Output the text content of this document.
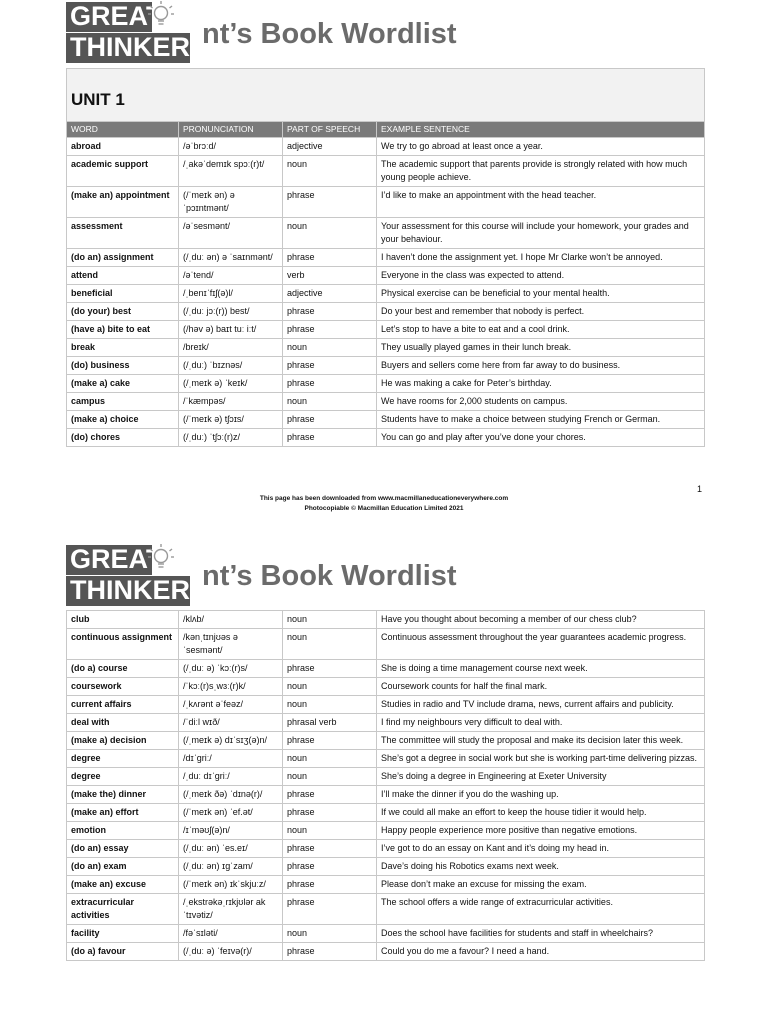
GREAT
THINKERS
nt’s Book Wordlist
UNIT 1			
WORD	PRONUNCIATION	PART OF SPEECH	EXAMPLE SENTENCE
abroad	/əˈbrɔːd/	adjective	We try to go abroad at least once a year.
academic support	/ˌakəˈdemɪk spɔː(r)t/	noun	The academic support that parents provide is strongly related with how much young people achieve.
(make an) appointment	(/ˈmeɪk ən) ə ˈpɔɪntmənt/	phrase	I’d like to make an appointment with the head teacher.
assessment	/əˈsesmənt/	noun	Your assessment for this course will include your homework, your grades and your behaviour.
(do an) assignment	(/ˌduː ən) ə ˈsaɪnmənt/	phrase	I haven’t done the assignment yet. I hope Mr Clarke won’t be annoyed.
attend	/əˈtend/	verb	Everyone in the class was expected to attend.
beneficial	/ˌbenɪˈfɪʃ(ə)l/	adjective	Physical exercise can be beneficial to your mental health.
(do your) best	(/ˌduː jɔː(r)) best/	phrase	Do your best and remember that nobody is perfect.
(have a) bite to eat	(/həv ə) baɪt tuː iːt/	phrase	Let’s stop to have a bite to eat and a cool drink.
break	/breɪk/	noun	They usually played games in their lunch break.
(do) business	(/ˌduː) ˈbɪznəs/	phrase	Buyers and sellers come here from far away to do business.
(make a) cake	(/ˌmeɪk ə) ˈkeɪk/	phrase	He was making a cake for Peter’s birthday.
campus	/ˈkæmpəs/	noun	We have rooms for 2,000 students on campus.
(make a) choice	(/ˈmeɪk ə) tʃɔɪs/	phrase	Students have to make a choice between studying French or German.
(do) chores	(/ˌduː) ˈtʃɔː(r)z/	phrase	You can go and play after you’ve done your chores.
1
This page has been downloaded from www.macmillaneducationeverywhere.com
Photocopiable © Macmillan Education Limited 2021
GREAT
THINKERS
nt’s Book Wordlist
club	/klʌb/	noun	Have you thought about becoming a member of our chess club?
continuous assignment	/kənˌtɪnjʊəs ə ˈsesmənt/	noun	Continuous assessment throughout the year guarantees academic progress.
(do a) course	(/ˌduː ə) ˈkɔː(r)s/	phrase	She is doing a time management course next week.
coursework	/ˈkɔː(r)sˌwɜː(r)k/	noun	Coursework counts for half the final mark.
current affairs	/ˌkʌrənt əˈfeəz/	noun	Studies in radio and TV include drama, news, current affairs and publicity.
deal with	/ˈdiːl wɪð/	phrasal verb	I find my neighbours very difficult to deal with.
(make a) decision	(/ˌmeɪk ə) dɪˈsɪʒ(ə)n/	phrase	The committee will study the proposal and make its decision later this week.
degree	/dɪˈgriː/	noun	She’s got a degree in social work but she is working part-time delivering pizzas.
degree	/ˌduː dɪˈgriː/	noun	She’s doing a degree in Engineering at Exeter University
(make the) dinner	(/ˌmeɪk ðə) ˈdɪnə(r)/	phrase	I’ll make the dinner if you do the washing up.
(make an) effort	(/ˈmeɪk ən) ˈef.ət/	phrase	If we could all make an effort to keep the house tidier it would help.
emotion	/ɪˈməʊʃ(ə)n/	noun	Happy people experience more positive than negative emotions.
(do an) essay	(/ˌduː ən) ˈes.eɪ/	phrase	I’ve got to do an essay on Kant and it’s doing my head in.
(do an) exam	(/ˌduː ən) ɪgˈzam/	phrase	Dave’s doing his Robotics exams next week.
(make an) excuse	(/ˈmeɪk ən) ɪkˈskjuːz/	phrase	Please don’t make an excuse for missing the exam.
extracurricular activities	/ˌekstrəkəˌrɪkjʊlər ak ˈtɪvətiz/	phrase	The school offers a wide range of extracurricular activities.
facility	/fəˈsɪləti/	noun	Does the school have facilities for students and staff in wheelchairs?
(do a) favour	(/ˌduː ə) ˈfeɪvə(r)/	phrase	Could you do me a favour? I need a hand.
